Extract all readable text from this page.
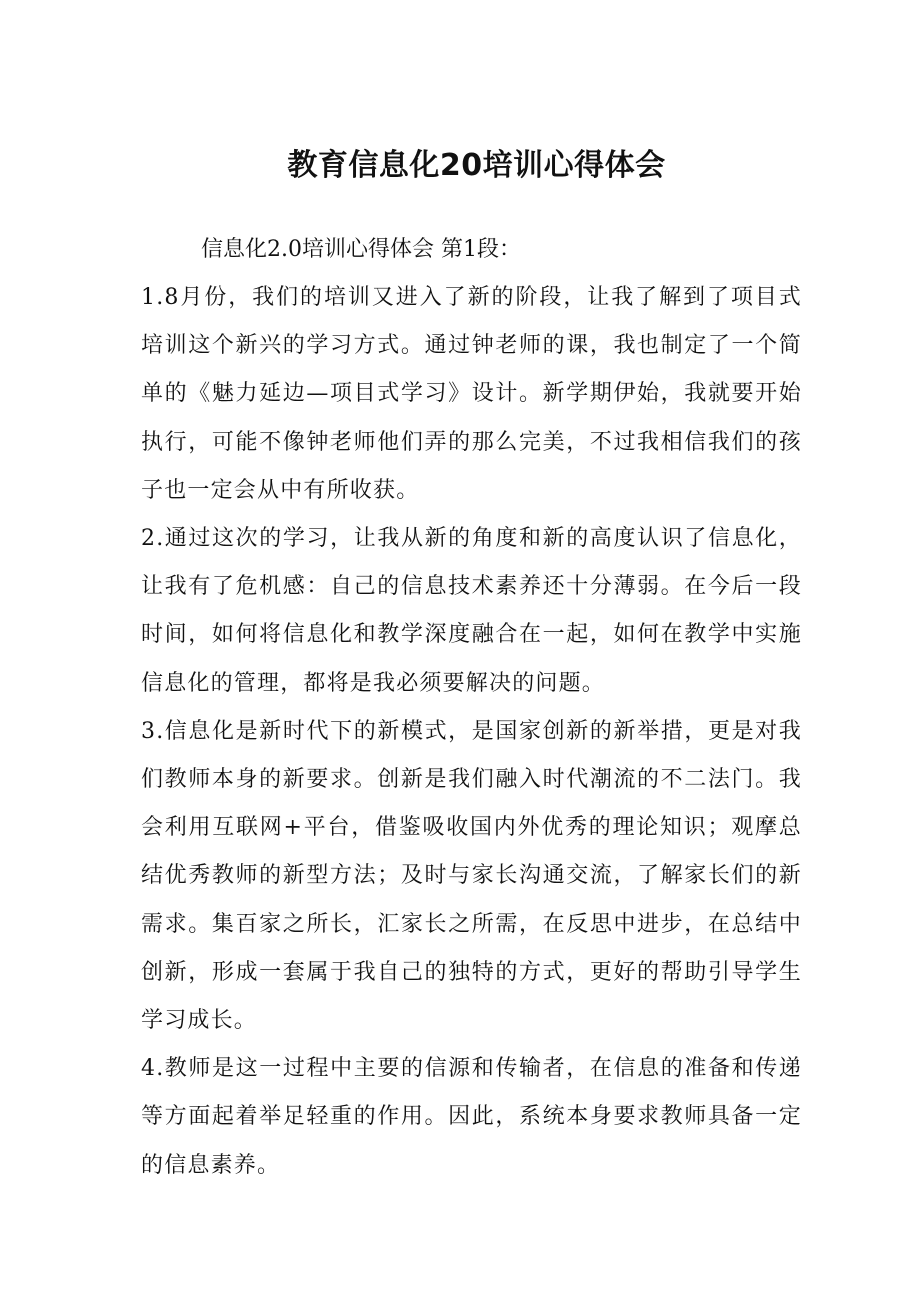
教育信息化20培训心得体会

信息化2.0培训心得体会 第1段：

1.8月份，我们的培训又进入了新的阶段，让我了解到了项目式培训这个新兴的学习方式。通过钟老师的课，我也制定了一个简单的《魅力延边—项目式学习》设计。新学期伊始，我就要开始执行，可能不像钟老师他们弄的那么完美，不过我相信我们的孩子也一定会从中有所收获。

2.通过这次的学习，让我从新的角度和新的高度认识了信息化，让我有了危机感：自己的信息技术素养还十分薄弱。在今后一段时间，如何将信息化和教学深度融合在一起，如何在教学中实施信息化的管理，都将是我必须要解决的问题。

3.信息化是新时代下的新模式，是国家创新的新举措，更是对我们教师本身的新要求。创新是我们融入时代潮流的不二法门。我会利用互联网+平台，借鉴吸收国内外优秀的理论知识；观摩总结优秀教师的新型方法；及时与家长沟通交流，了解家长们的新需求。集百家之所长，汇家长之所需，在反思中进步，在总结中创新，形成一套属于我自己的独特的方式，更好的帮助引导学生学习成长。

4.教师是这一过程中主要的信源和传输者，在信息的准备和传递等方面起着举足轻重的作用。因此，系统本身要求教师具备一定的信息素养。
